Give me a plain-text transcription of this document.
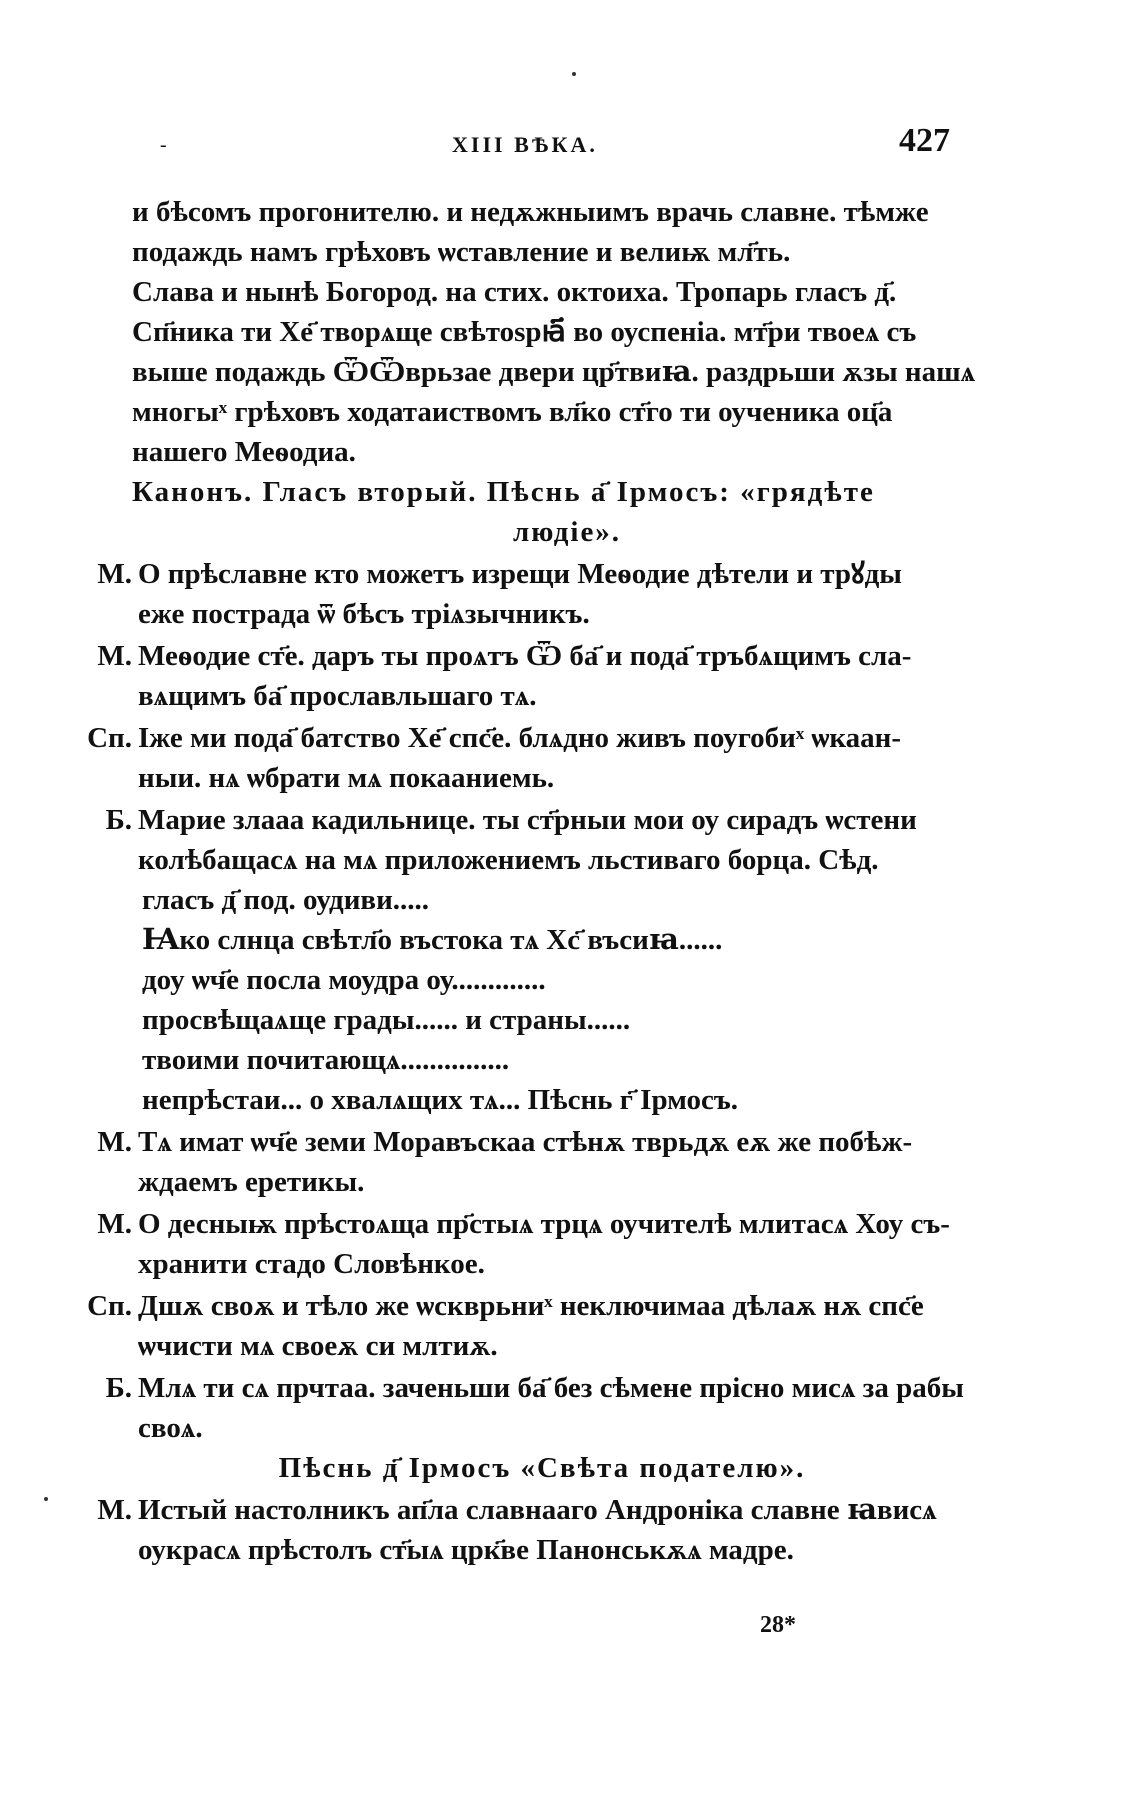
-	XIII ВѢКА.	427
и бѣсомъ прогонителю. и недѫжныимъ врачь славне. тѣмже
подаждь намъ грѣховъ ѡставление и велиѭ мл҃ть.
Слава и нынѣ Богород. на стих. октоиха. Тропарь гласъ д҃.
Сп҃ника ти Хе҃ творѧще свѣтоѕрꙗ҃ во оуспеніа. мт҃ри твоеѧ съ
выше подаждь ѾѾврьзае двери цр҃твиꙗ. раздрьши ѫзы нашѧ
многыˣ грѣховъ ходатаиствомъ вл҃ко ст҃го ти оученика оц҃а
нашего Меѳодиа.
Канонъ. Гласъ вторый. Пѣснь а҃ Ірмосъ: «грядѣте
людіе».
М. О прѣславне кто можетъ изрещи Меѳодие дѣтели и трꙋды
еже пострада ѿ бѣсъ тріѧзычникъ.
М. Меѳодие ст҃е. даръ ты проѧтъ Ѿ ба҃ и пода҃ тръбѧщимъ сла-
вѧщимъ ба҃ прославльшаго тѧ.
Сп. Іже ми пода҃ батство Хе҃ спс҃е. блѧдно живъ поугобиˣ ѡкаан-
ныи. нѧ ѡбрати мѧ покааниемь.
Б. Марие злаaа кадильнице. ты ст҃рныи мои оу сирадъ ѡстени
колѣбащасѧ на мѧ приложениемъ льстиваго борца. Сѣд.
гласъ д҃ под. оудиви.....
Ꙗко слнца свѣтл҃о въстока тѧ Хс҃ въсиꙗ......
доу ѡч҃е посла моудра оу.............
просвѣщаѧще грады...... и страны......
твоими почитающѧ...............
непрѣстаи... о хвалѧщих тѧ... Пѣснь г҃ Ірмосъ.
М. Тѧ имат ѡч҃е земи Моравъскаа стѣнѫ тврьдѫ еѫ же побѣж-
ждаемъ еретикы.
М. О десныѭ прѣстоѧща пр҃стыѧ трцѧ оучителѣ млитасѧ Хоу съ-
хранити стадо Словѣнкое.
Сп. Дшѫ своѫ и тѣло же ѡскврьниˣ неключимаа дѣлаѫ нѫ спс҃е
ѡчисти мѧ своеѫ си млтиѫ.
Б. Млѧ ти сѧ прчтаа. заченьши ба҃ без сѣмене прісно мисѧ за рабы
своѧ.
Пѣснь д҃ Ірмосъ «Свѣта подателю».
М. Истый настолникъ ап҃ла славнааго Андроніка славне ꙗвисѧ
оукрасѧ прѣстолъ ст҃ыѧ црк҃ве Панонськѫѧ мадре.
28*
